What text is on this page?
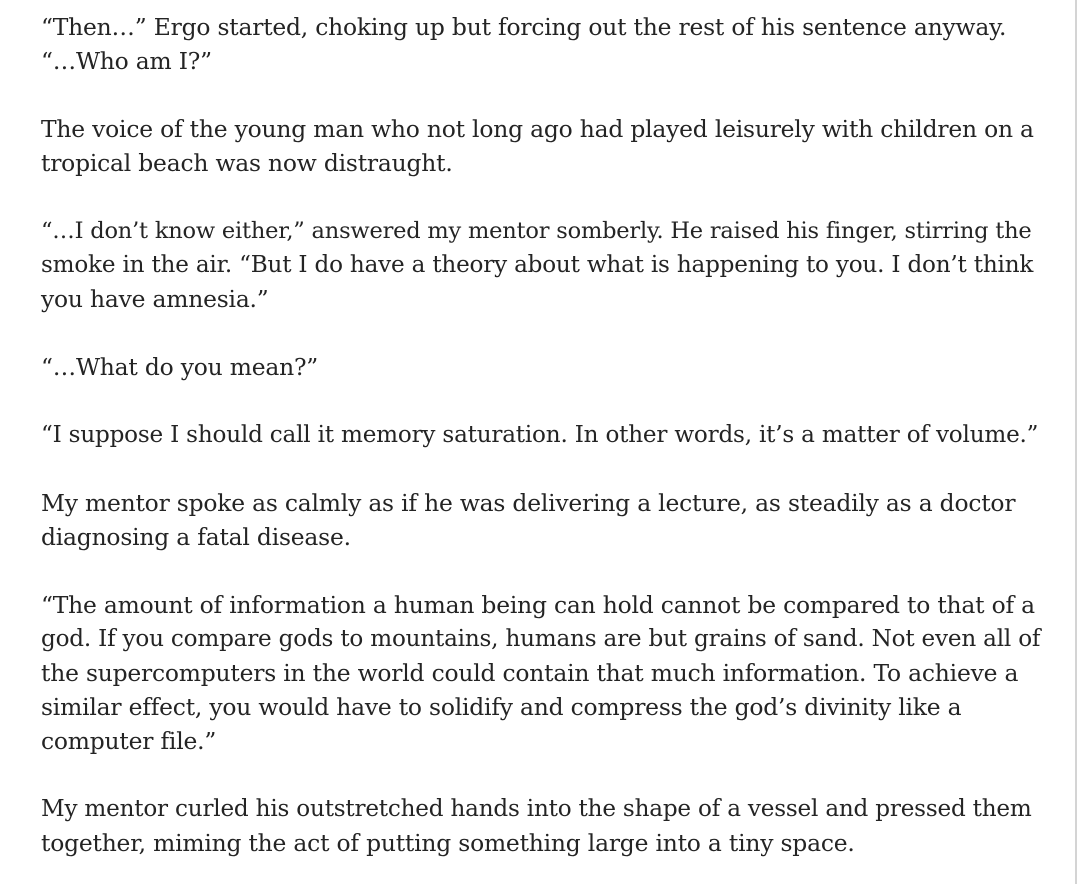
“Then…” Ergo started, choking up but forcing out the rest of his sentence anyway.
“…Who am I?”

The voice of the young man who not long ago had played leisurely with children on a
tropical beach was now distraught.

“…I don’t know either,” answered my mentor somberly. He raised his finger, stirring the
smoke in the air. “But I do have a theory about what is happening to you. I don’t think
you have amnesia.”

“…What do you mean?”

“I suppose I should call it memory saturation. In other words, it’s a matter of volume.”

My mentor spoke as calmly as if he was delivering a lecture, as steadily as a doctor
diagnosing a fatal disease.

“The amount of information a human being can hold cannot be compared to that of a
god. If you compare gods to mountains, humans are but grains of sand. Not even all of
the supercomputers in the world could contain that much information. To achieve a
similar effect, you would have to solidify and compress the god’s divinity like a
computer file.”

My mentor curled his outstretched hands into the shape of a vessel and pressed them
together, miming the act of putting something large into a tiny space.
